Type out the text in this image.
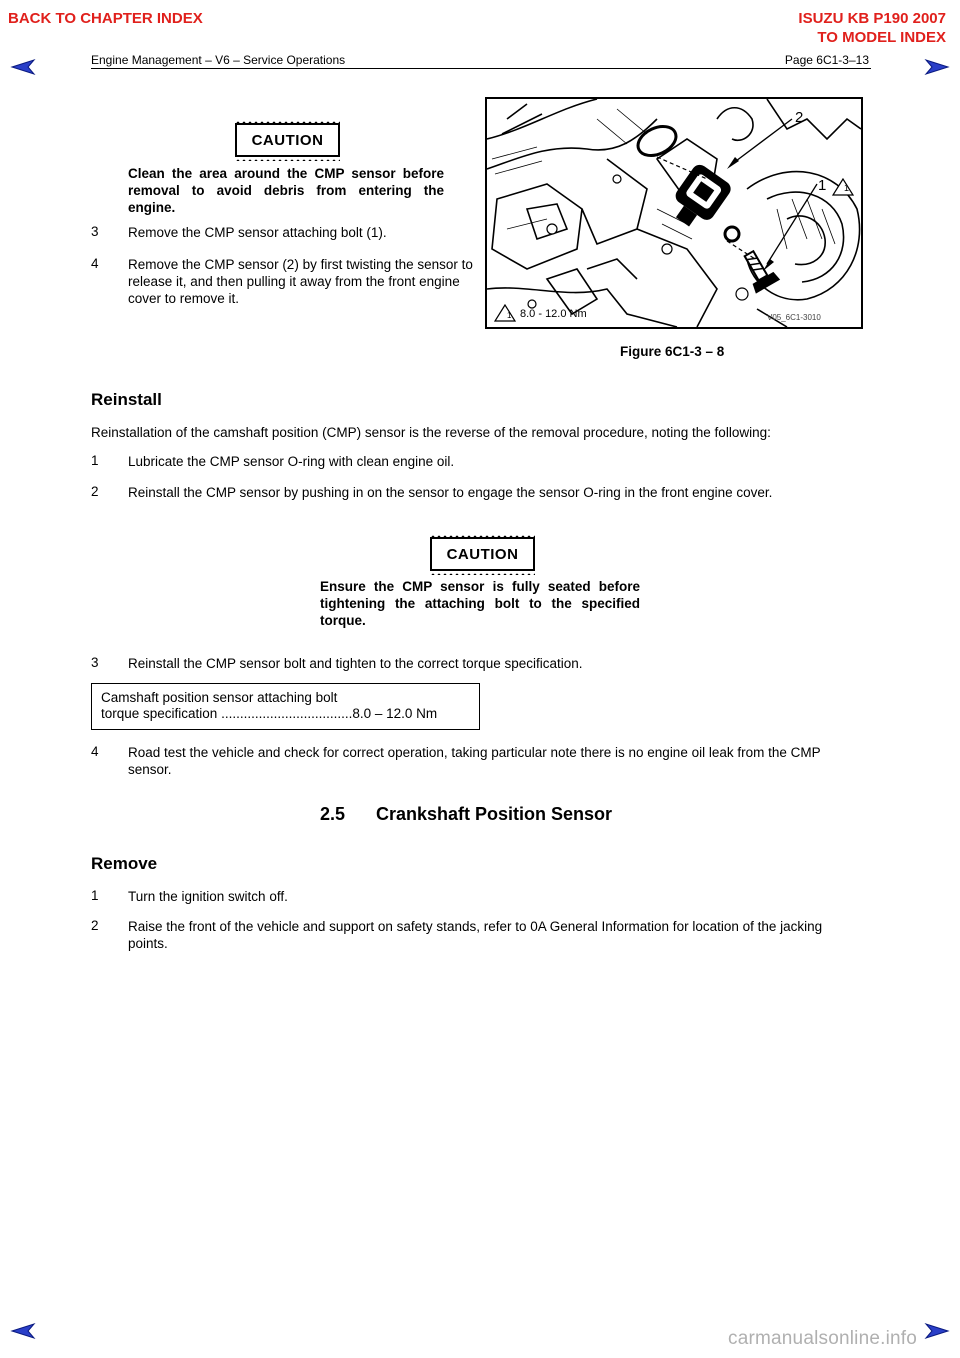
BACK TO CHAPTER INDEX	ISUZU KB P190 2007
TO MODEL INDEX
Engine Management – V6 – Service Operations	Page 6C1-3–13
CAUTION
Clean the area around the CMP sensor before removal to avoid debris from entering the engine.
3 Remove the CMP sensor attaching bolt (1).
4 Remove the CMP sensor (2) by first twisting the sensor to release it, and then pulling it away from the front engine cover to remove it.
2
1 1
1 8.0 - 12.0 Nm	V05_6C1-3010
Figure 6C1-3 – 8
Reinstall
Reinstallation of the camshaft position (CMP) sensor is the reverse of the removal procedure, noting the following:
1 Lubricate the CMP sensor O-ring with clean engine oil.
2 Reinstall the CMP sensor by pushing in on the sensor to engage the sensor O-ring in the front engine cover.
CAUTION
Ensure the CMP sensor is fully seated before tightening the attaching bolt to the specified torque.
3 Reinstall the CMP sensor bolt and tighten to the correct torque specification.
Camshaft position sensor attaching bolt
torque specification ...................................8.0 – 12.0 Nm
4 Road test the vehicle and check for correct operation, taking particular note there is no engine oil leak from the CMP sensor.
2.5 Crankshaft Position Sensor
Remove
1 Turn the ignition switch off.
2 Raise the front of the vehicle and support on safety stands, refer to 0A General Information for location of the jacking points.
carmanualsonline.info
